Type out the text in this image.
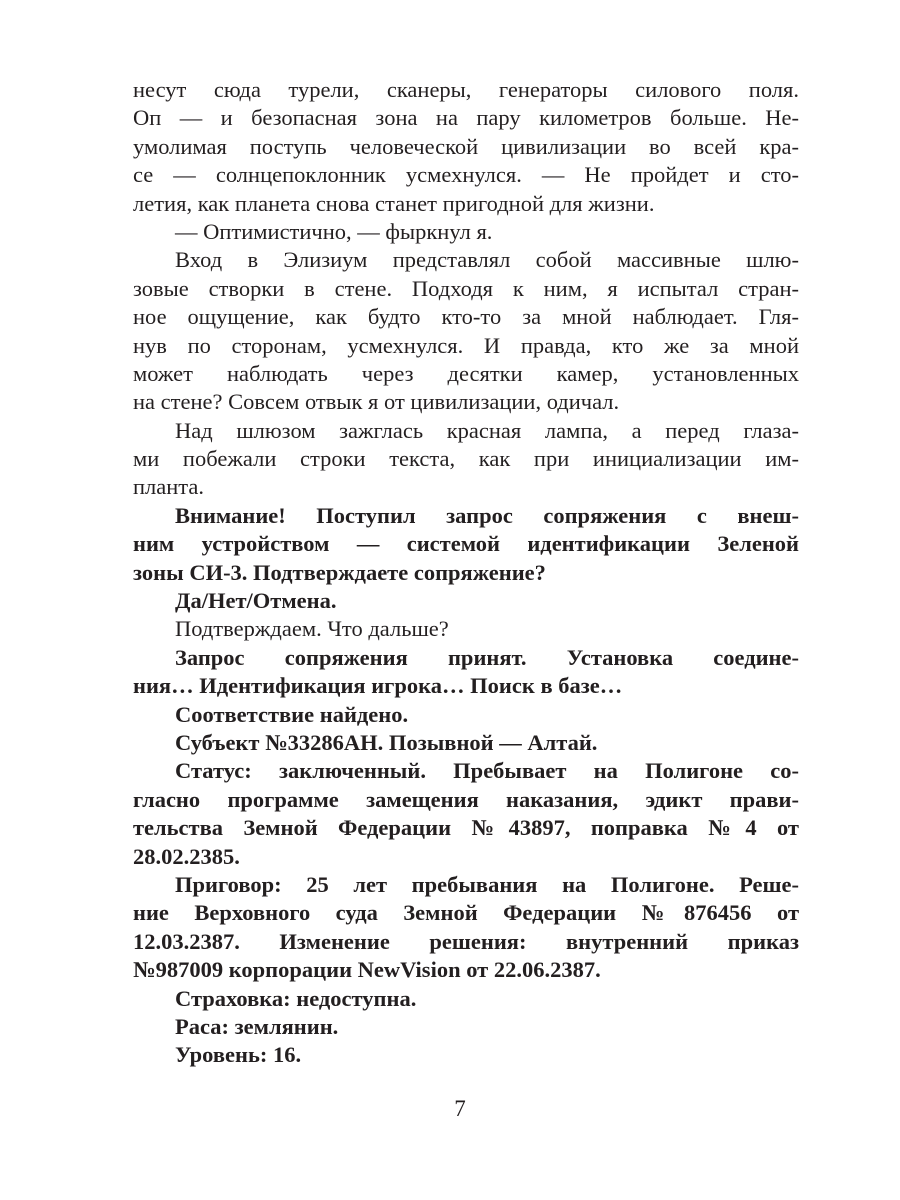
несут сюда турели, сканеры, генераторы силового поля.
Оп — и безопасная зона на пару километров больше. Не-
умолимая поступь человеческой цивилизации во всей кра-
се — солнцепоклонник усмехнулся. — Не пройдет и сто-
летия, как планета снова станет пригодной для жизни.
— Оптимистично, — фыркнул я.
Вход в Элизиум представлял собой массивные шлю-
зовые створки в стене. Подходя к ним, я испытал стран-
ное ощущение, как будто кто-то за мной наблюдает. Гля-
нув по сторонам, усмехнулся. И правда, кто же за мной
может наблюдать через десятки камер, установленных
на стене? Совсем отвык я от цивилизации, одичал.
Над шлюзом зажглась красная лампа, а перед глаза-
ми побежали строки текста, как при инициализации им-
планта.
Внимание! Поступил запрос сопряжения с внеш-
ним устройством — системой идентификации Зеленой
зоны СИ-3. Подтверждаете сопряжение?
Да/Нет/Отмена.
Подтверждаем. Что дальше?
Запрос сопряжения принят. Установка соедине-
ния… Идентификация игрока… Поиск в базе…
Соответствие найдено.
Субъект №33286АН. Позывной — Алтай.
Статус: заключенный. Пребывает на Полигоне со-
гласно программе замещения наказания, эдикт прави-
тельства Земной Федерации №43897, поправка №4 от
28.02.2385.
Приговор: 25 лет пребывания на Полигоне. Реше-
ние Верховного суда Земной Федерации №876456 от
12.03.2387. Изменение решения: внутренний приказ
№987009 корпорации NewVision от 22.06.2387.
Страховка: недоступна.
Раса: землянин.
Уровень: 16.
7
